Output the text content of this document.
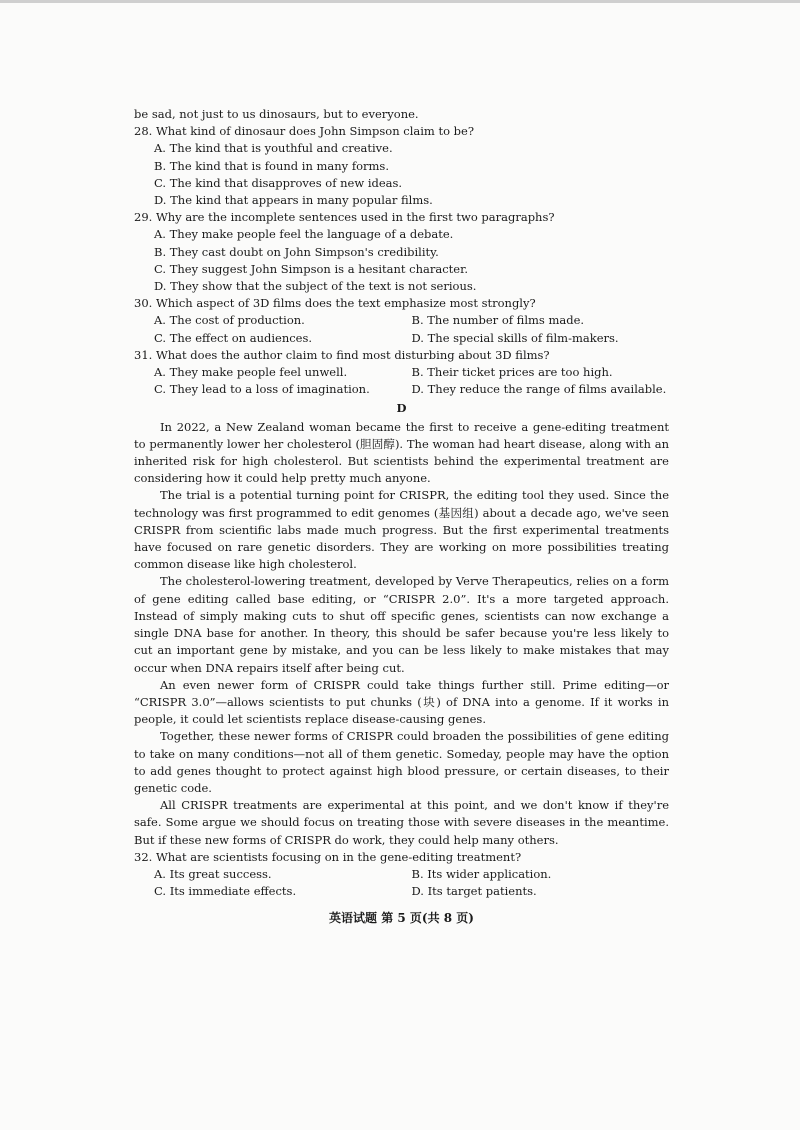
be sad, not just to us dinosaurs, but to everyone.
28. What kind of dinosaur does John Simpson claim to be?
A. The kind that is youthful and creative.
B. The kind that is found in many forms.
C. The kind that disapproves of new ideas.
D. The kind that appears in many popular films.
29. Why are the incomplete sentences used in the first two paragraphs?
A. They make people feel the language of a debate.
B. They cast doubt on John Simpson's credibility.
C. They suggest John Simpson is a hesitant character.
D. They show that the subject of the text is not serious.
30. Which aspect of 3D films does the text emphasize most strongly?
A. The cost of production.	B. The number of films made.
C. The effect on audiences.	D. The special skills of film-makers.
31. What does the author claim to find most disturbing about 3D films?
A. They make people feel unwell.	B. Their ticket prices are too high.
C. They lead to a loss of imagination.	D. They reduce the range of films available.
D

In 2022, a New Zealand woman became the first to receive a gene-editing treatment to permanently lower her cholesterol (胆固醇). The woman had heart disease, along with an inherited risk for high cholesterol. But scientists behind the experimental treatment are considering how it could help pretty much anyone.

The trial is a potential turning point for CRISPR, the editing tool they used. Since the technology was first programmed to edit genomes (基因组) about a decade ago, we've seen CRISPR from scientific labs made much progress. But the first experimental treatments have focused on rare genetic disorders. They are working on more possibilities treating common disease like high cholesterol.

The cholesterol-lowering treatment, developed by Verve Therapeutics, relies on a form of gene editing called base editing, or “CRISPR 2.0”. It's a more targeted approach. Instead of simply making cuts to shut off specific genes, scientists can now exchange a single DNA base for another. In theory, this should be safer because you're less likely to cut an important gene by mistake, and you can be less likely to make mistakes that may occur when DNA repairs itself after being cut.

An even newer form of CRISPR could take things further still. Prime editing—or “CRISPR 3.0”—allows scientists to put chunks (块) of DNA into a genome. If it works in people, it could let scientists replace disease-causing genes.

Together, these newer forms of CRISPR could broaden the possibilities of gene editing to take on many conditions—not all of them genetic. Someday, people may have the option to add genes thought to protect against high blood pressure, or certain diseases, to their genetic code.

All CRISPR treatments are experimental at this point, and we don't know if they're safe. Some argue we should focus on treating those with severe diseases in the meantime. But if these new forms of CRISPR do work, they could help many others.

32. What are scientists focusing on in the gene-editing treatment?
A. Its great success.	B. Its wider application.
C. Its immediate effects.	D. Its target patients.
英语试题 第 5 页(共 8 页)
